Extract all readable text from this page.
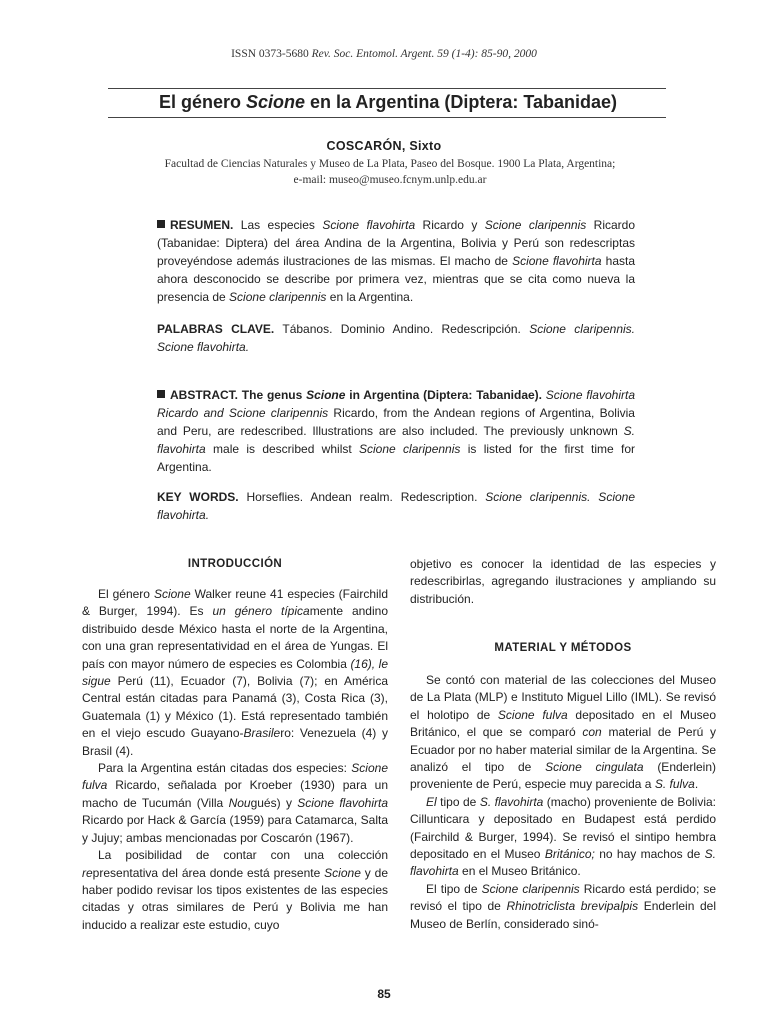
ISSN 0373-5680 Rev. Soc. Entomol. Argent. 59 (1-4): 85-90, 2000
El género Scione en la Argentina (Diptera: Tabanidae)
COSCARÓN, Sixto
Facultad de Ciencias Naturales y Museo de La Plata, Paseo del Bosque. 1900 La Plata, Argentina;
e-mail: museo@museo.fcnym.unlp.edu.ar
RESUMEN. Las especies Scione flavohirta Ricardo y Scione claripennis Ricardo (Tabanidae: Diptera) del área Andina de la Argentina, Bolivia y Perú son redescriptas proveyéndose además ilustraciones de las mismas. El macho de Scione flavohirta hasta ahora desconocido se describe por primera vez, mientras que se cita como nueva la presencia de Scione claripennis en la Argentina.
PALABRAS CLAVE. Tábanos. Dominio Andino. Redescripción. Scione claripennis. Scione flavohirta.
ABSTRACT. The genus Scione in Argentina (Diptera: Tabanidae). Scione flavohirta Ricardo and Scione claripennis Ricardo, from the Andean regions of Argentina, Bolivia and Peru, are redescribed. Illustrations are also included. The previously unknown S. flavohirta male is described whilst Scione claripennis is listed for the first time for Argentina.
KEY WORDS. Horseflies. Andean realm. Redescription. Scione claripennis. Scione flavohirta.
INTRODUCCIÓN

El género Scione Walker reune 41 especies (Fairchild & Burger, 1994). Es un género típicamente andino distribuido desde México hasta el norte de la Argentina, con una gran representatividad en el área de Yungas. El país con mayor número de especies es Colombia (16), le sigue Perú (11), Ecuador (7), Bolivia (7); en América Central están citadas para Panamá (3), Costa Rica (3), Guatemala (1) y México (1). Está representado también en el viejo escudo Guayano-Brasilero: Venezuela (4) y Brasil (4).

Para la Argentina están citadas dos especies: Scione fulva Ricardo, señalada por Kroeber (1930) para un macho de Tucumán (Villa Nougués) y Scione flavohirta Ricardo por Hack & García (1959) para Catamarca, Salta y Jujuy; ambas mencionadas por Coscarón (1967).

La posibilidad de contar con una colección representativa del área donde está presente Scione y de haber podido revisar los tipos existentes de las especies citadas y otras similares de Perú y Bolivia me han inducido a realizar este estudio, cuyo

objetivo es conocer la identidad de las especies y redescribirlas, agregando ilustraciones y ampliando su distribución.

MATERIAL Y MÉTODOS

Se contó con material de las colecciones del Museo de La Plata (MLP) e Instituto Miguel Lillo (IML). Se revisó el holotipo de Scione fulva depositado en el Museo Británico, el que se comparó con material de Perú y Ecuador por no haber material similar de la Argentina. Se analizó el tipo de Scione cingulata (Enderlein) proveniente de Perú, especie muy parecida a S. fulva.

El tipo de S. flavohirta (macho) proveniente de Bolivia: Cillunticara y depositado en Budapest está perdido (Fairchild & Burger, 1994). Se revisó el sintipo hembra depositado en el Museo Británico; no hay machos de S. flavohirta en el Museo Británico.

El tipo de Scione claripennis Ricardo está perdido; se revisó el tipo de Rhinotriclista brevipalpis Enderlein del Museo de Berlín, considerado sinó-

85
